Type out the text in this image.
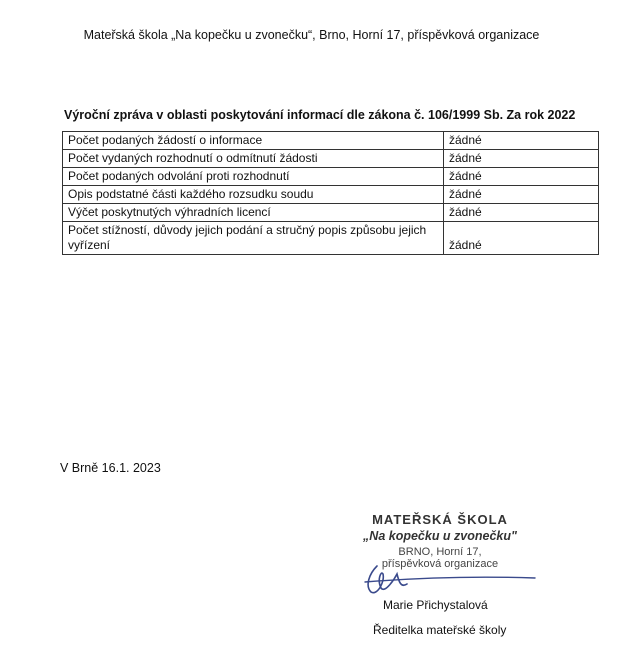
Mateřská škola „Na kopečku u zvonečku“, Brno, Horní 17, příspěvková organizace
Výroční zpráva v oblasti poskytování informací dle zákona č. 106/1999 Sb. Za rok 2022
Počet podaných žádostí o informace	žádné
Počet vydaných rozhodnutí o odmítnutí žádosti	žádné
Počet podaných odvolání proti rozhodnutí	žádné
Opis podstatné části každého rozsudku soudu	žádné
Výčet poskytnutých výhradních licencí	žádné
Počet stížností, důvody jejich podání a stručný popis způsobu jejich vyřízení	žádné
V Brně 16.1. 2023
MATEŘSKÁ ŠKOLA
„Na kopečku u zvonečku"
BRNO, Horní 17,
příspěvková organizace
Marie Přichystalová
Ředitelka mateřské školy
